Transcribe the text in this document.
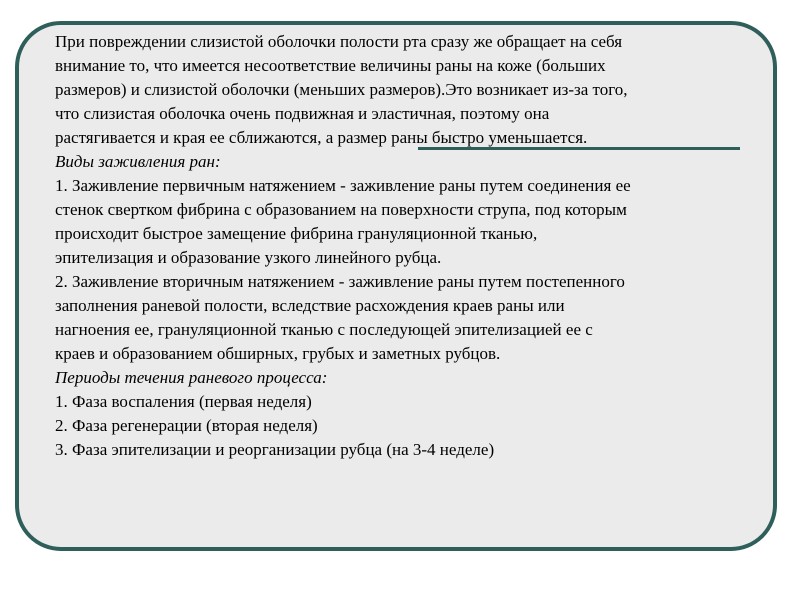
При повреждении слизистой оболочки полости рта сразу же обращает на себя
внимание то, что имеется несоответствие величины раны на коже (больших
размеров) и слизистой оболочки (меньших размеров).Это возникает из-за того,
что слизистая оболочка очень подвижная и эластичная, поэтому она
растягивается и края ее сближаются, а размер раны быстро уменьшается.
Виды заживления ран:
1. Заживление первичным натяжением - заживление раны путем соединения ее
стенок свертком фибрина с образованием на поверхности струпа, под которым
происходит быстрое замещение фибрина грануляционной тканью,
эпителизация и образование узкого линейного рубца.
2. Заживление вторичным натяжением - заживление раны путем постепенного
заполнения раневой полости, вследствие расхождения краев раны или
нагноения ее, грануляционной тканью с последующей эпителизацией ее с
краев и образованием обширных, грубых и заметных рубцов.
Периоды течения раневого процесса:
1. Фаза воспаления (первая неделя)
2. Фаза регенерации (вторая неделя)
3. Фаза эпителизации и реорганизации рубца (на 3-4 неделе)
